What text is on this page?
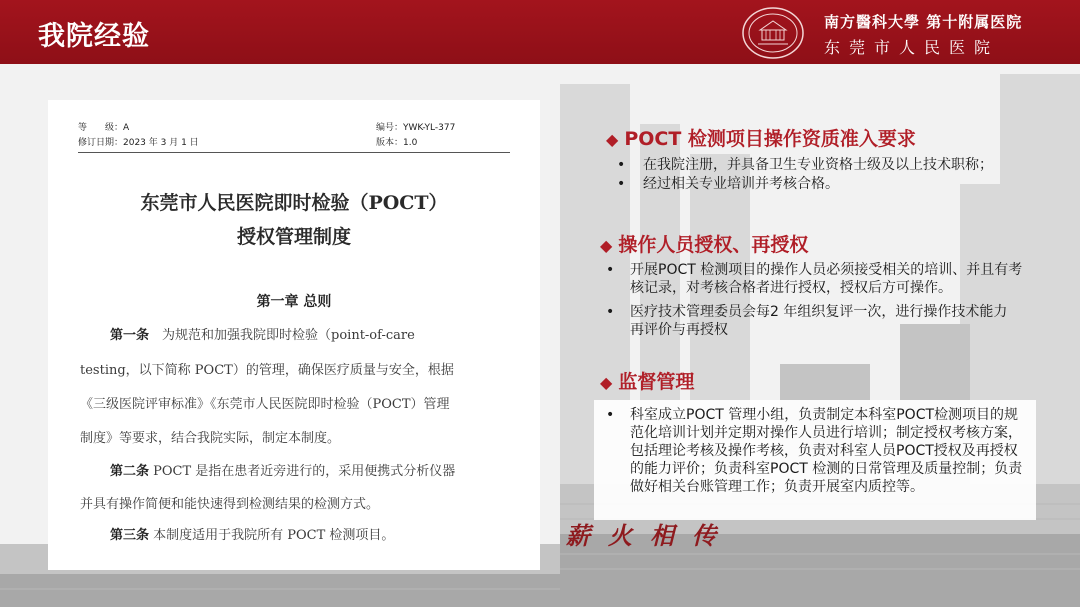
我院经验	南方醫科大學 第十附属医院
东莞市人民医院
等　　级：A
修订日期：2023 年 3 月 1 日
编号：YWK-YL-377
版本：1.0
东莞市人民医院即时检验（POCT）
授权管理制度
第一章 总则
第一条　为规范和加强我院即时检验（point-of-care
testing，以下简称 POCT）的管理，确保医疗质量与安全，根据
《三级医院评审标准》《东莞市人民医院即时检验（POCT）管理
制度》等要求，结合我院实际，制定本制度。
第二条 POCT 是指在患者近旁进行的，采用便携式分析仪器
并具有操作简便和能快速得到检测结果的检测方式。
第三条 本制度适用于我院所有 POCT 检测项目。
◆ POCT 检测项目操作资质准入要求
• 在我院注册，并具备卫生专业资格士级及以上技术职称；
• 经过相关专业培训并考核合格。
◆ 操作人员授权、再授权
• 开展POCT 检测项目的操作人员必须接受相关的培训、并且有考核记录，对考核合格者进行授权，授权后方可操作。
• 医疗技术管理委员会每2 年组织复评一次，进行操作技术能力再评价与再授权
◆ 监督管理
• 科室成立POCT 管理小组，负责制定本科室POCT检测项目的规范化培训计划并定期对操作人员进行培训；制定授权考核方案，包括理论考核及操作考核，负责对科室人员POCT授权及再授权的能力评价；负责科室POCT 检测的日常管理及质量控制；负责做好相关台账管理工作；负责开展室内质控等。
薪火相传
